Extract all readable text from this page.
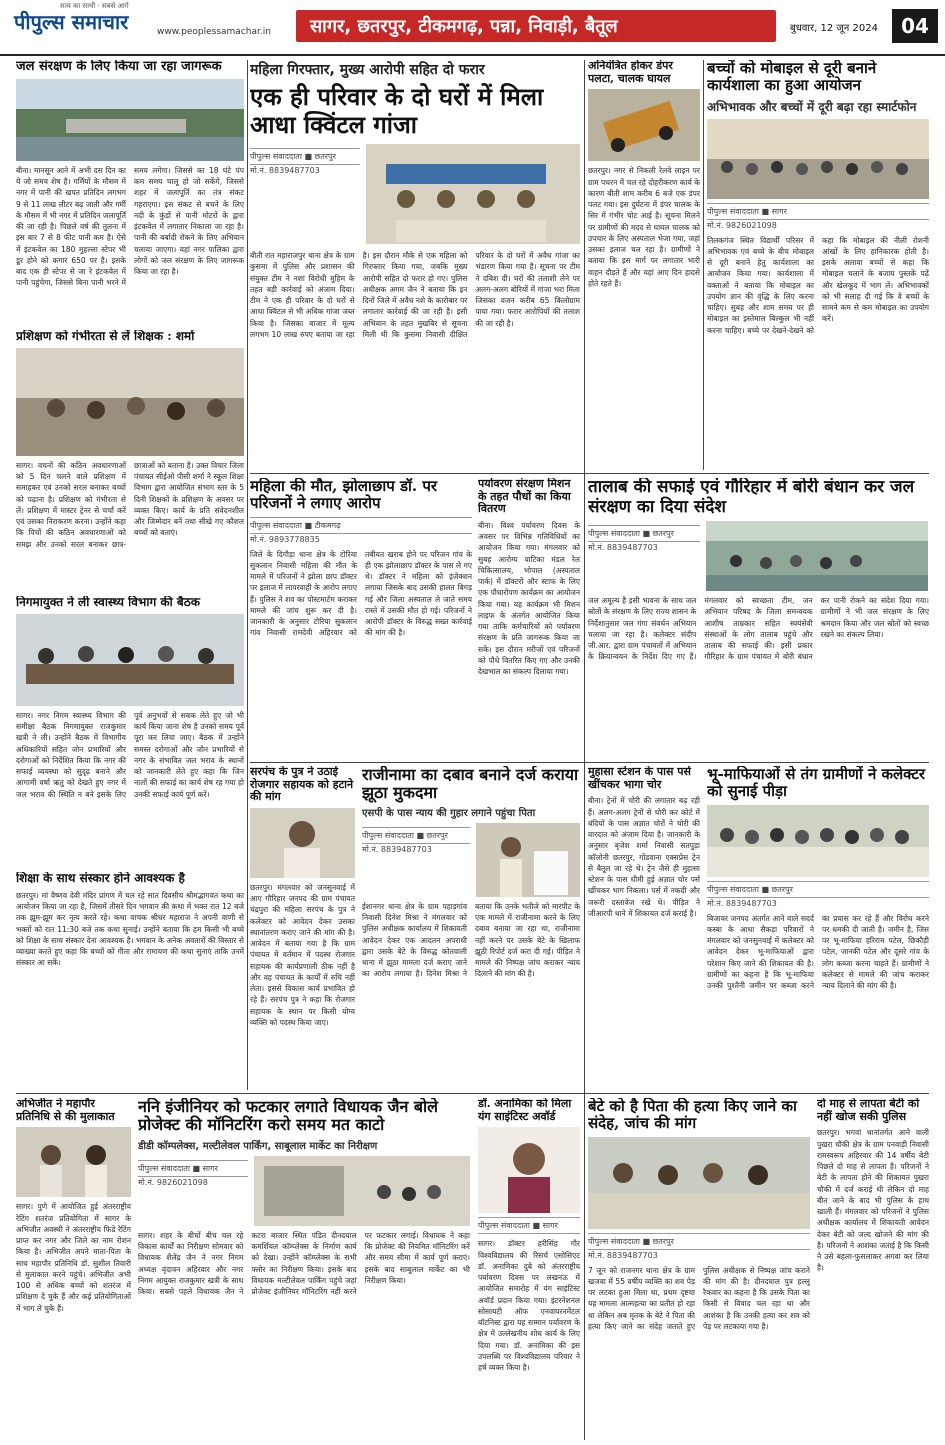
सत्य का साथी · सबसे आगे
पीपुल्स समाचार	www.peoplessamachar.in	सागर, छतरपुर, टीकमगढ़, पन्ना, निवाड़ी, बैतूल	बुधवार, 12 जून 2024	04
जल संरक्षण के लिए किया जा रहा जागरूक

बीना। मानसून आने में अभी दस दिन का ये जो समय शेष है। गर्मियों के मौसम में नगर में पानी की खपत प्रतिदिन लगभग 9 से 11 लाख लीटर बढ़ जाती और गर्मी के मौसम में भी नगर में प्रतिदिन जलापूर्ति की जा रही है। पिछले वर्ष की तुलना में इस बार 7 से 8 फीट पानी कम है। ऐसे में इंटकवेल का 180 मुहल्ला स्टेपर भी डूर होने को कगार 650 पर है। इसके बाद एक ही स्टेपर से जा रे इंटकवेल में पानी पहुंचेगा, जिससे बिना पानी भरने में समय लगेगा। जिससे का 18 घंटे पंप कम समय चालू हो जो सकेंगे, जिससे शहर में जलापूर्ति का तंत्र संकट गहराएगा। इस संकट से बचने के लिए नदी के कुंडों से पानी मोटरों के द्वारा इंटकवेल में लगातार निकाला जा रहा है। पानी की बर्बादी रोकने के लिए अभियान चलाया जाएगा। यहां नगर पालिका द्वारा लोगों को जल संरक्षण के लिए जागरूक किया जा रहा है।

प्रशिक्षण को गंभीरता से लें शिक्षक : शर्मा

सागर। वचनों की कठिन अवधारणाओं को 5 दिन चलने वाले प्रशिक्षण में समाहकर एवं उनको सरल बनाकर बच्चों को पढ़ाना है। प्रशिक्षण को गंभीरता से लें। प्रशिक्षण में मास्टर ट्रेनर से चर्चा करें एवं उसका निराकरण करना। उन्होंने कहा कि पिचों की कठिन अवधारणाओं को समझ और उनको सरल बनाकर छात्र-छात्राओं को बताना है। उक्त विचार जिला पंचायत सीईओ पीसी शर्मा ने स्कूल शिक्षा विभाग द्वारा आयोजित संभाग स्तर के 5 दिनी शिक्षकों के प्रशिक्षण के अवसर पर व्यक्त किए। कार्य के प्रति संवेदनशील और जिम्मेदार बनें तथा सीखे गए कौशल बच्चों को बताएं।

निगमायुक्त ने ली स्वास्थ्य विभाग की बैठक

सागर। नगर निगम स्वास्थ्य विभाग की समीक्षा बैठक निगमायुक्त राजकुमार खत्री ने ली। उन्होंने बैठक में विभागीय अधिकारियों सहित जोन प्रभारियों और दरोगाओं को निर्देशित किया कि नगर की सफाई व्यवस्था को सुदृढ़ बनाने और आगामी वर्षा ऋतु को देखते हुए नगर में जल भराव की स्थिति न बने इसके लिए पूर्व अनुभवों से सबक लेते हुए जो भी कार्य किया जाना शेष है उनको समय पूर्व पूरा कर लिया जाए। बैठक में उन्होंने समस्त दरोगाओं और जोन प्रभारियों से नगर के संभावित जल भराव के स्थानों को जानकारी लेते हुए कहा कि जिन नालों की सफाई का कार्य शेष रह गया हो उनकी सफाई कार्य पूर्ण करें।

शिक्षा के साथ संस्कार होने आवश्यक है

छतरपुर। मां वैष्णव देवी मंदिर प्रांगण में चल रहे सात दिवसीय श्रीमद्भागवत कथा का आयोजन किया जा रहा है, जिसमें तीसरे दिन भगवान की कथा में भक्त रात 12 बजे तक झूम-झूम कर नृत्य करते रहे। कथा वाचक श्रीधर महाराज ने अपनी वाणी से भक्तों को रात 11:30 बजे तक कथा सुनाई। उन्होंने बताया कि हम किसी भी बच्चे को शिक्षा के साथ संस्कार देना आवश्यक है। भगवान के अनेक अवतारों की विस्तार से व्याख्या करते हुए कहा कि बच्चों को गीता और रामायण की कथा सुनाएं ताकि उनमें संस्कार आ सकें।

अभिजीत ने महापौर प्रतिनिधि से की मुलाकात

सागर। पुणे में आयोजित हुई अंतरराष्ट्रीय रेटिंग शतरंज प्रतियोगिता में सागर के अभिजीत अवस्थी ने अंतरराष्ट्रीय फिडे रेटिंग प्राप्त कर नगर और जिले का नाम रोशन किया है। अभिजीत अपने माता-पिता के साथ महापौर प्रतिनिधि डॉ. सुशील तिवारी से मुलाकात करने पहुंचे। अभिजीत अभी 100 से अधिक बच्चों को शतरंज में प्रशिक्षण दे चुके हैं और कई प्रतियोगिताओं में भाग ले चुके हैं।

महिला गिरफ्तार, मुख्य आरोपी सहित दो फरार
एक ही परिवार के दो घरों में मिला आधा क्विंटल गांजा
पीपुल्स संवाददाता ■ छतरपुर
मो.नं. 8839487703

बीती रात महाराजपुर थाना क्षेत्र के ग्राम कुसमा में पुलिस और प्रशासन की संयुक्त टीम ने नशा विरोधी मुहिम के तहत बड़ी कार्रवाई को अंजाम दिया। टीम ने एक ही परिवार के दो घरों से आधा क्विंटल से भी अधिक गांजा जब्त किया है। जिसका बाजार में मूल्य लगभग 10 लाख रुपए बताया जा रहा है। इस दौरान मौके से एक महिला को गिरफ्तार किया गया, जबकि मुख्य आरोपी सहित दो फरार हो गए। पुलिस अधीक्षक अगम जैन ने बताया कि इन दिनों जिले में अवैध नशे के कारोबार पर लगातार कार्रवाई की जा रही है। इसी अभियान के तहत मुखबिर से सूचना मिली थी कि कुसमा निवासी दीक्षित परिवार के दो घरों में अवैध गांजा का भंडारण किया गया है। सूचना पर टीम ने दबिश दी। घरों की तलाशी लेने पर अलग-अलग बोरियों में गांजा भरा मिला जिसका वजन करीब 65 किलोग्राम पाया गया। फरार आरोपियों की तलाश की जा रही है।

अनियंत्रित होकर डंपर पलटा, चालक घायल

छतरपुर। नगर से निकली रेलवे लाइन पर ग्राम पचरन में चल रहे दोहरीकरण कार्य के कारण बीती शाम करीब 6 बजे एक डंपर पलट गया। इस दुर्घटना में डंपर चालक के सिर में गंभीर चोट आई है। सूचना मिलने पर ग्रामीणों की मदद से घायल चालक को उपचार के लिए अस्पताल भेजा गया, जहां उसका इलाज चल रहा है। ग्रामीणों ने बताया कि इस मार्ग पर लगातार भारी वाहन दौड़ते हैं और यहां आए दिन हादसे होते रहते हैं।

बच्चों को मोबाइल से दूरी बनाने कार्यशाला का हुआ आयोजन
अभिभावक और बच्चों में दूरी बढ़ा रहा स्मार्टफोन
पीपुल्स संवाददाता ■ सागर
मो.नं. 9826021098

तिलकगंज स्थित विद्यार्थी परिसर में अभिभावक एवं बच्चे के बीच मोबाइल से दूरी बनाने हेतु कार्यशाला का आयोजन किया गया। कार्यशाला में वक्ताओं ने बताया कि मोबाइल का उपयोग ज्ञान की वृद्धि के लिए करना चाहिए। सुबह और शाम समय पर ही मोबाइल का इस्तेमाल बिल्कुल भी नहीं करना चाहिए। बच्चे पर देखने-देखने को कहा कि मोबाइल की नीली रोशनी आंखों के लिए हानिकारक होती है। इसके अलावा बच्चों से कहा कि मोबाइल चलाने के बजाय पुस्तकें पढ़ें और खेलकूद में भाग लें। अभिभावकों को भी सलाह दी गई कि वे बच्चों के सामने कम से कम मोबाइल का उपयोग करें।

महिला की मौत, झोलाछाप डॉ. पर परिजनों ने लगाए आरोप
पीपुल्स संवाददाता ■ टीकमगढ़
मो.नं. 9893778835

जिले के दिगौड़ा थाना क्षेत्र के टोरिया सुकलान निवासी महिला की मौत के मामले में परिजनों ने झोला छाप डॉक्टर पर इलाज में लापरवाही के आरोप लगाए हैं। पुलिस ने शव का पोस्टमार्टम कराकर मामले की जांच शुरू कर दी है। जानकारी के अनुसार टोरिया सुकलान गांव निवासी रामदेवी अहिरवार को तबीयत खराब होने पर परिजन गांव के ही एक झोलाछाप डॉक्टर के पास ले गए थे। डॉक्टर ने महिला को इंजेक्शन लगाया जिसके बाद उसकी हालत बिगड़ गई और जिला अस्पताल ले जाते समय रास्ते में उसकी मौत हो गई। परिजनों ने आरोपी डॉक्टर के विरुद्ध सख्त कार्रवाई की मांग की है।

पर्यावरण संरक्षण मिशन के तहत पौधों का किया वितरण

बीना। विश्व पर्यावरण दिवस के अवसर पर विभिन्न गतिविधियों का आयोजन किया गया। मंगलवार को सुबह आरोग्य वाटिका मंडल रेल चिकित्सालय, भोपाल (अस्पताल पार्क) में डॉक्टरों और स्टाफ के लिए एक पौधारोपण कार्यक्रम का आयोजन किया गया। यह कार्यक्रम भी मिशन लाइफ के अंतर्गत आयोजित किया गया ताकि कर्मचारियों को पर्यावरण संरक्षण के प्रति जागरूक किया जा सके। इस दौरान मरीजों एवं परिजनों को पौधे वितरित किए गए और उनकी देखभाल का संकल्प दिलाया गया।

तालाब की सफाई एवं गौरिहार में बोरी बंधान कर जल संरक्षण का दिया संदेश
पीपुल्स संवाददाता ■ छतरपुर
मो.नं. 8839487703

जल अमूल्य है इसी भावना के साथ जल स्रोतों के संरक्षण के लिए राज्य शासन के निर्देशानुसार जल गंगा संवर्धन अभियान चलाया जा रहा है। कलेक्टर संदीप जी.आर. द्वारा ग्राम पंचायतों में अभियान के क्रियान्वयन के निर्देश दिए गए हैं। मंगलवार को स्वच्छता टीम, जन अभियान परिषद के जिला समन्वयक आशीष ताम्रकार सहित स्वयंसेवी संस्थाओं के लोग तालाब पहुंचे और तालाब की सफाई की। इसी प्रकार गौरिहार के ग्राम पंचायत में बोरी बंधान कर पानी रोकने का संदेश दिया गया। ग्रामीणों ने भी जल संरक्षण के लिए श्रमदान किया और जल स्रोतों को स्वच्छ रखने का संकल्प लिया।

सरपंच के पुत्र ने उठाई रोजगार सहायक को हटाने की मांग

छतरपुर। मंगलवार को जनसुनवाई में आए गौरिहार जनपद की ग्राम पंचायत चंद्रपुरा की महिला सरपंच के पुत्र ने कलेक्टर को आवेदन देकर उसका स्थानांतरण कराए जाने की मांग की है। आवेदन में बताया गया है कि ग्राम पंचायत में वर्तमान में पदस्थ रोजगार सहायक की कार्यप्रणाली ठीक नहीं है और वह पंचायत के कार्यों में रुचि नहीं लेता। इससे विकास कार्य प्रभावित हो रहे हैं। सरपंच पुत्र ने कहा कि रोजगार सहायक के स्थान पर किसी योग्य व्यक्ति को पदस्थ किया जाए।

राजीनामा का दबाव बनाने दर्ज कराया झूठा मुकदमा
एसपी के पास न्याय की गुहार लगाने पहुंचा पिता
पीपुल्स संवाददाता ■ छतरपुर
मो.नं. 8839487703

ईशानगर थाना क्षेत्र के ग्राम पहाड़गांव निवासी दिनेश मिश्रा ने मंगलवार को पुलिस अधीक्षक कार्यालय में शिकायती आवेदन देकर एक आदतन अपराधी द्वारा उसके बेटे के विरुद्ध कोतवाली थाना में झूठा मामला दर्ज कराए जाने का आरोप लगाया है। दिनेश मिश्रा ने बताया कि उनके भतीजे को मारपीट के एक मामले में राजीनामा करने के लिए दबाव बनाया जा रहा था, राजीनामा नहीं करने पर उसके बेटे के खिलाफ झूठी रिपोर्ट दर्ज करा दी गई। पीड़ित ने मामले की निष्पक्ष जांच कराकर न्याय दिलाने की मांग की है।

मुहासा स्टेशन के पास पर्स खींचकर भागा चोर

बीना। ट्रेनों में चोरी की लगातार बढ़ रही हैं। अलग-अलग ट्रेनों से चोरी कर कोर्ट में बंदियों के पास अज्ञात चोरों ने चोरी की वारदात को अंजाम दिया है। जानकारी के अनुसार बृजेश शर्मा निवासी सतपुड़ा कॉलोनी छतरपुर, गोंडवाना एक्सप्रेस ट्रेन से बैतूल जा रहे थे। ट्रेन जैसे ही मुहासा स्टेशन के पास धीमी हुई अज्ञात चोर पर्स खींचकर भाग निकला। पर्स में नकदी और जरूरी दस्तावेज रखे थे। पीड़ित ने जीआरपी थाने में शिकायत दर्ज कराई है।

भू-माफियाओं से तंग ग्रामीणों ने कलेक्टर को सुनाई पीड़ा
पीपुल्स संवाददाता ■ छतरपुर
मो.नं. 8839487703

बिजावर जनपद अंतर्गत आने वाले सदर्द कस्बा के आधा सैकड़ा परिवारों ने मंगलवार को जनसुनवाई में कलेक्टर को आवेदन देकर भू-माफियाओं द्वारा परेशान किए जाने की शिकायत की है। ग्रामीणों का कहना है कि भू-माफिया उनकी पुश्तैनी जमीन पर कब्जा करने का प्रयास कर रहे हैं और विरोध करने पर धमकी दी जाती है। जमीन है, जिस पर भू-माफिया हरिराम पटेल, छिकौड़ी पटेल, जानकी पटेल और दूसरे गांव के लोग कब्जा करना चाहते हैं। ग्रामीणों ने कलेक्टर से मामले की जांच कराकर न्याय दिलाने की मांग की है।

ननि इंजीनियर को फटकार लगाते विधायक जैन बोले प्रोजेक्ट की मॉनिटरिंग करो समय मत काटो
डीडी कॉम्पलेक्स, मल्टीलेवल पार्किंग, साबूलाल मार्केट का निरीक्षण
पीपुल्स संवाददाता ■ सागर
मो.नं. 9826021098

सागर। शहर के बीचों बीच चल रहे विकास कार्यों का निरीक्षण सोमवार को विधायक शैलेंद्र जैन ने नगर निगम अध्यक्ष वृंदावन अहिरवार और नगर निगम आयुक्त राजकुमार खत्री के साथ किया। सबसे पहले विधायक जैन ने कटरा बाजार स्थित पंडित दीनदयाल कमर्शियल कॉम्प्लेक्स के निर्माण कार्य को देखा। उन्होंने कॉम्प्लेक्स के सभी फ्लोर का निरीक्षण किया। इसके बाद विधायक मल्टीलेवल पार्किंग पहुंचे जहां प्रोजेक्ट इंजीनियर मॉनिटरिंग नहीं करने पर फटकार लगाई। विधायक ने कहा कि प्रोजेक्ट की नियमित मॉनिटरिंग करें और समय सीमा में कार्य पूर्ण कराएं। इसके बाद साबूलाल मार्केट का भी निरीक्षण किया।

डॉ. अनामिका को मिला यंग साइंटिस्ट अवॉर्ड
पीपुल्स संवाददाता ■ सागर

सागर। डॉक्टर हरीसिंह गौर विश्वविद्यालय की रिसर्च एसोसिएट डॉ. अनामिका दुबे को अंतरराष्ट्रीय पर्यावरण दिवस पर लखनऊ में आयोजित समारोह में यंग साइंटिस्ट अवॉर्ड प्रदान किया गया। इंटरनेशनल सोसायटी ऑफ एनवायरनमेंटल बॉटनिस्ट द्वारा यह सम्मान पर्यावरण के क्षेत्र में उल्लेखनीय शोध कार्य के लिए दिया गया। डॉ. अनामिका की इस उपलब्धि पर विश्वविद्यालय परिवार ने हर्ष व्यक्त किया है।

बेटे को है पिता की हत्या किए जाने का संदेह, जांच की मांग
पीपुल्स संवाददाता ■ छतरपुर
मो.नं. 8839487703

7 जून को राजनगर थाना क्षेत्र के ग्राम खजवा में 55 वर्षीय व्यक्ति का शव पेड़ पर लटका हुआ मिला था, प्रथम दृष्टया यह मामला आत्महत्या का प्रतीत हो रहा था लेकिन अब मृतक के बेटे ने पिता की हत्या किए जाने का संदेह जताते हुए पुलिस अधीक्षक से निष्पक्ष जांच कराने की मांग की है। दीनदयाल पुत्र हल्लू रैकवार का कहना है कि उसके पिता का किसी से विवाद चल रहा था और आशंका है कि उनकी हत्या कर शव को पेड़ पर लटकाया गया है।

दो माह से लापता बेटी को नहीं खोज सकी पुलिस

छतरपुर। भगवां थानांतर्गत आने वाली पुखरा चौकी क्षेत्र के ग्राम पनवाड़ी निवासी रामस्वरूप अहिरवार की 14 वर्षीय बेटी पिछले दो माह से लापता है। परिजनों ने बेटी के लापता होने की शिकायत पुखरा चौकी में दर्ज कराई थी लेकिन दो माह बीत जाने के बाद भी पुलिस के हाथ खाली हैं। मंगलवार को परिजनों ने पुलिस अधीक्षक कार्यालय में शिकायती आवेदन देकर बेटी को जल्द खोजने की मांग की है। परिजनों ने आशंका जताई है कि किसी ने उसे बहला-फुसलाकर अगवा कर लिया है।
